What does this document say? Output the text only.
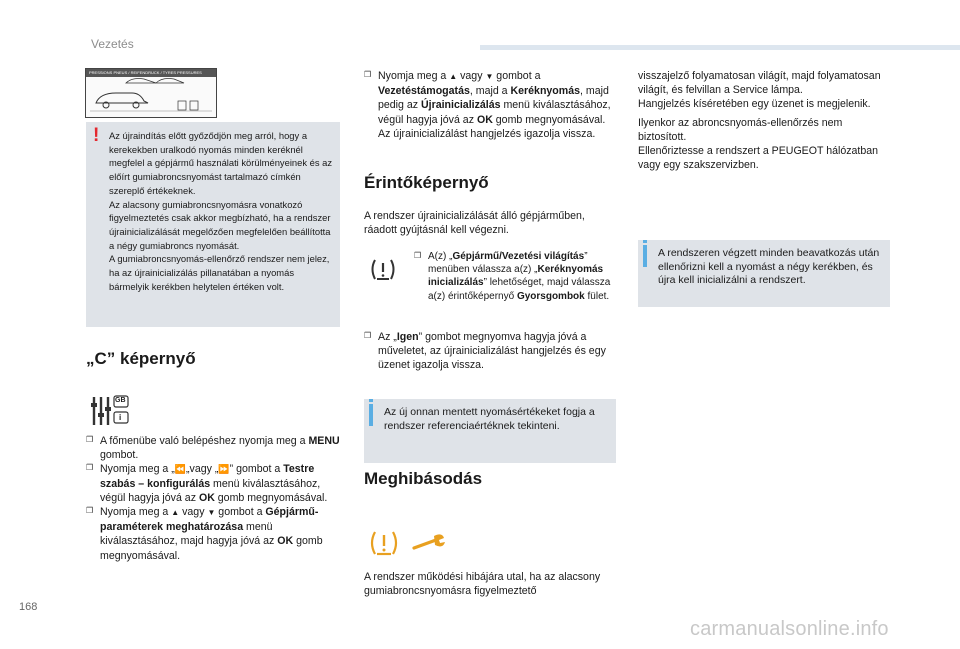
Vezetés
PRESSIONS PNEUS / REIFENDRUCK / TYRES PRESSURES
! Az újraindítás előtt győződjön meg arról, hogy a kerekekben uralkodó nyomás minden keréknél megfelel a gépjármű használati körülményeinek és az előírt gumiabroncsnyomást tartalmazó címkén szereplő értékeknek.
Az alacsony gumiabroncsnyomásra vonatkozó figyelmeztetés csak akkor megbízható, ha a rendszer újrainicializálását megelőzően megfelelően beállította a négy gumiabroncs nyomását.
A gumiabroncsnyomás-ellenőrző rendszer nem jelez, ha az újrainicializálás pillanatában a nyomás bármelyik kerékben helytelen értéken volt.
„C” képernyő
GB
i
❒ A főmenübe való belépéshez nyomja meg a MENU gombot.
❒ Nyomja meg a „⏪„vagy „⏩” gombot a Testre szabás – konfigurálás menü kiválasztásához, végül hagyja jóvá az OK gomb megnyomásával.
❒ Nyomja meg a ▲ vagy ▼ gombot a Gépjármű-paraméterek meghatározása menü kiválasztásához, majd hagyja jóvá az OK gomb megnyomásával.
❒ Nyomja meg a ▲ vagy ▼ gombot a Vezetéstámogatás, majd a Keréknyomás, majd pedig az Újrainicializálás menü kiválasztásához, végül hagyja jóvá az OK gomb megnyomásával.
Az újrainicializálást hangjelzés igazolja vissza.
Érintőképernyő
A rendszer újrainicializálását álló gépjárműben, ráadott gyújtásnál kell végezni.
❒ A(z) „Gépjármű/Vezetési világítás” menüben válassza a(z) „Keréknyomás inicializálás” lehetőséget, majd válassza a(z) érintőképernyő Gyorsgombok fület.
❒ Az „Igen” gombot megnyomva hagyja jóvá a műveletet, az újrainicializálást hangjelzés és egy üzenet igazolja vissza.
Az új onnan mentett nyomásértékeket fogja a rendszer referenciaértéknek tekinteni.
Meghibásodás
A rendszer működési hibájára utal, ha az alacsony gumiabroncsnyomásra figyelmeztető
visszajelző folyamatosan világít, majd folyamatosan világít, és felvillan a Service lámpa.
Hangjelzés kíséretében egy üzenet is megjelenik.
Ilyenkor az abroncsnyomás-ellenőrzés nem biztosított.
Ellenőriztesse a rendszert a PEUGEOT hálózatban vagy egy szakszervizben.
A rendszeren végzett minden beavatkozás után ellenőrizni kell a nyomást a négy kerékben, és újra kell inicializálni a rendszert.
168
carmanualsonline.info
